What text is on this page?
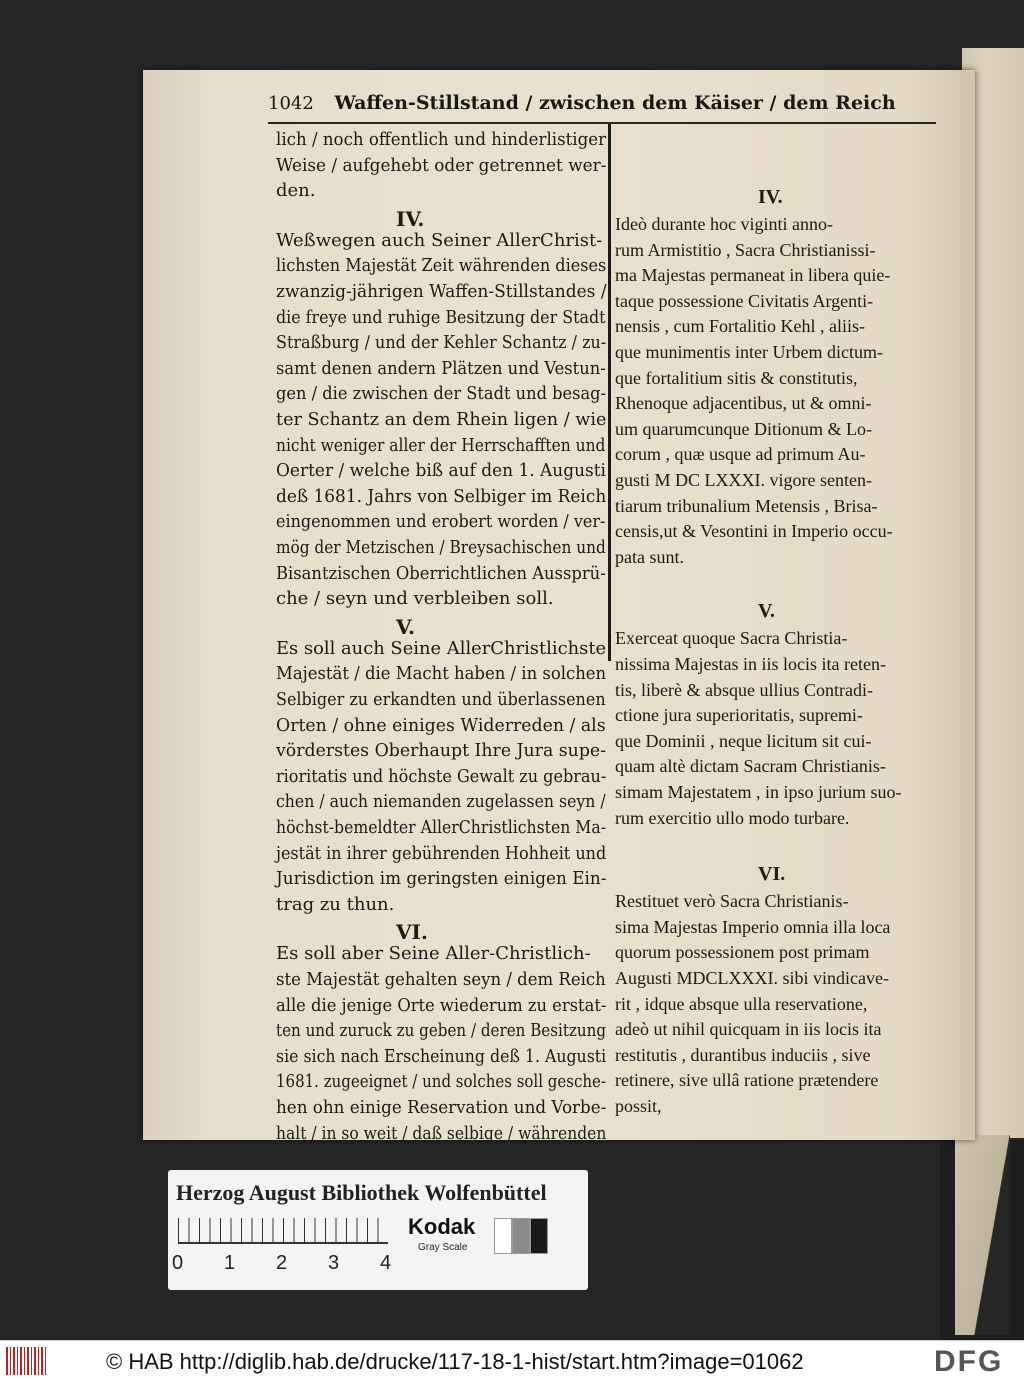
1042 Waffen-Stillstand / zwischen dem Käiser / dem Reich
lich / noch offentlich und hinderlistiger
Weise / aufgehebt oder getrennet wer-
den.
IV.
Weßwegen auch Seiner AllerChrist-
lichsten Majestät Zeit währenden dieses
zwanzig-jährigen Waffen-Stillstandes /
die freye und ruhige Besitzung der Stadt
Straßburg / und der Kehler Schantz / zu-
samt denen andern Plätzen und Vestun-
gen / die zwischen der Stadt und besag-
ter Schantz an dem Rhein ligen / wie
nicht weniger aller der Herrschafften und
Oerter / welche biß auf den 1. Augusti
deß 1681. Jahrs von Selbiger im Reich
eingenommen und erobert worden / ver-
mög der Metzischen / Breysachischen und
Bisantzischen Oberrichtlichen Aussprü-
che / seyn und verbleiben soll.
V.
Es soll auch Seine AllerChristlichste
Majestät / die Macht haben / in solchen
Selbiger zu erkandten und überlassenen
Orten / ohne einiges Widerreden / als
vörderstes Oberhaupt Ihre Jura supe-
rioritatis und höchste Gewalt zu gebrau-
chen / auch niemanden zugelassen seyn /
höchst-bemeldter AllerChristlichsten Ma-
jestät in ihrer gebührenden Hohheit und
Jurisdiction im geringsten einigen Ein-
trag zu thun.
VI.
Es soll aber Seine Aller-Christlich-
ste Majestät gehalten seyn / dem Reich
alle die jenige Orte wiederum zu erstat-
ten und zuruck zu geben / deren Besitzung
sie sich nach Erscheinung deß 1. Augusti
1681. zugeeignet / und solches soll gesche-
hen ohn einige Reservation und Vorbe-
halt / in so weit / daß selbige / währenden
IV.
Ideò durante hoc viginti anno-
rum Armistitio , Sacra Christianissi-
ma Majestas permaneat in libera quie-
taque possessione Civitatis Argenti-
nensis , cum Fortalitio Kehl , aliis-
que munimentis inter Urbem dictum-
que fortalitium sitis & constitutis,
Rhenoque adjacentibus, ut & omni-
um quarumcunque Ditionum & Lo-
corum , quæ usque ad primum Au-
gusti M DC LXXXI. vigore senten-
tiarum tribunalium Metensis , Brisa-
censis,ut & Vesontini in Imperio occu-
pata sunt.
V.
Exerceat quoque Sacra Christia-
nissima Majestas in iis locis ita reten-
tis, liberè & absque ullius Contradi-
ctione jura superioritatis, supremi-
que Dominii , neque licitum sit cui-
quam altè dictam Sacram Christianis-
simam Majestatem , in ipso jurium suo-
rum exercitio ullo modo turbare.
VI.
Restituet verò Sacra Christianis-
sima Majestas Imperio omnia illa loca
quorum possessionem post primam
Augusti MDCLXXXI. sibi vindicave-
rit , idque absque ulla reservatione,
adeò ut nihil quicquam in iis locis ita
restitutis , durantibus induciis , sive
retinere, sive ullâ ratione prætendere
possit,
Herzog August Bibliothek Wolfenbüttel
0 1 2 3 4
Kodak
Gray Scale
© HAB http://diglib.hab.de/drucke/117-18-1-hist/start.htm?image=01062	DFG
